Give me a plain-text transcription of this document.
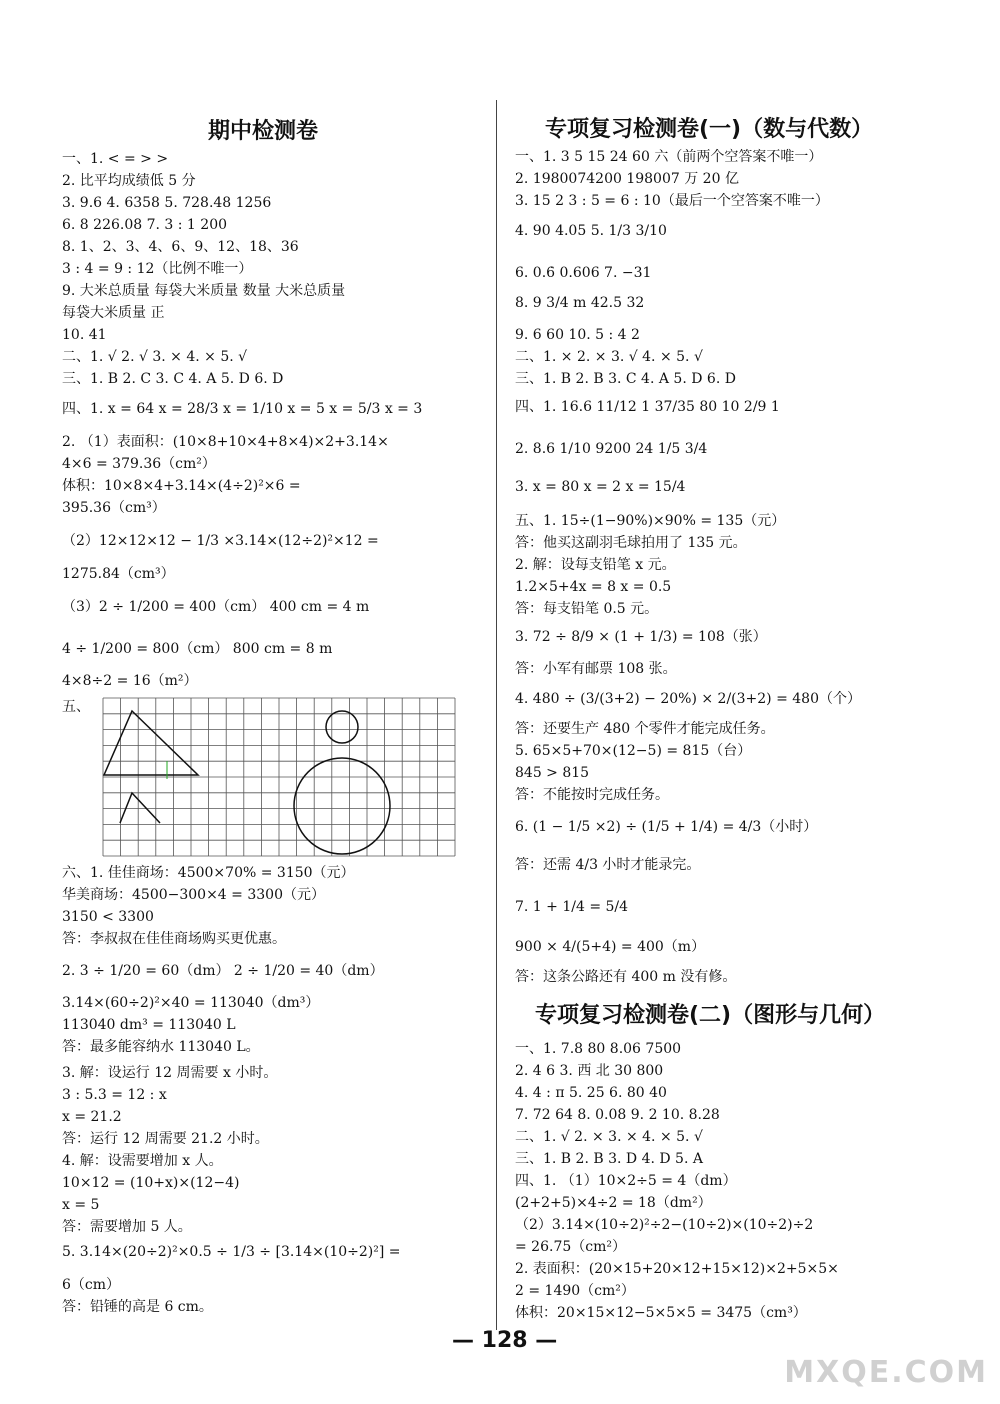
期中检测卷
一、1. < = > >
2. 比平均成绩低 5 分
3. 9.6 4. 6358 5. 728.48 1256
6. 8 226.08 7. 3 : 1 200
8. 1、2、3、4、6、9、12、18、36
3 : 4 = 9 : 12（比例不唯一）
9. 大米总质量 每袋大米质量 数量 大米总质量
每袋大米质量 正
10. 41
二、1. √ 2. √ 3. × 4. × 5. √
三、1. B 2. C 3. C 4. A 5. D 6. D
四、1. x = 64 x = 28/3 x = 1/10 x = 5 x = 5/3 x = 3
2. （1）表面积：(10×8+10×4+8×4)×2+3.14×
4×6 = 379.36（cm²）
体积：10×8×4+3.14×(4÷2)²×6 =
395.36（cm³）
（2）12×12×12 − 1/3 ×3.14×(12÷2)²×12 =
1275.84（cm³）
（3）2 ÷ 1/200 = 400（cm） 400 cm = 4 m
4 ÷ 1/200 = 800（cm） 800 cm = 8 m
4×8÷2 = 16（m²）
五、
六、1. 佳佳商场：4500×70% = 3150（元）
华美商场：4500−300×4 = 3300（元）
3150 < 3300
答：李叔叔在佳佳商场购买更优惠。
2. 3 ÷ 1/20 = 60（dm） 2 ÷ 1/20 = 40（dm）
3.14×(60÷2)²×40 = 113040（dm³）
113040 dm³ = 113040 L
答：最多能容纳水 113040 L。
3. 解：设运行 12 周需要 x 小时。
3 : 5.3 = 12 : x
x = 21.2
答：运行 12 周需要 21.2 小时。
4. 解：设需要增加 x 人。
10×12 = (10+x)×(12−4)
x = 5
答：需要增加 5 人。
5. 3.14×(20÷2)²×0.5 ÷ 1/3 ÷ [3.14×(10÷2)²] =
6（cm）
答：铅锤的高是 6 cm。
专项复习检测卷(一)（数与代数）
一、1. 3 5 15 24 60 六（前两个空答案不唯一）
2. 1980074200 198007 万 20 亿
3. 15 2 3 : 5 = 6 : 10（最后一个空答案不唯一）
4. 90 4.05 5. 1/3 3/10
6. 0.6̇ 0.606 7. −31
8. 9 3/4 m 42.5 32
9. 6 60 10. 5 : 4 2
二、1. × 2. × 3. √ 4. × 5. √
三、1. B 2. B 3. C 4. A 5. D 6. D
四、1. 16.6 11/12 1 37/35 80 10 2/9 1
2. 8.6 1/10 9200 24 1/5 3/4
3. x = 80 x = 2 x = 15/4
五、1. 15÷(1−90%)×90% = 135（元）
答：他买这副羽毛球拍用了 135 元。
2. 解：设每支铅笔 x 元。
1.2×5+4x = 8 x = 0.5
答：每支铅笔 0.5 元。
3. 72 ÷ 8/9 × (1 + 1/3) = 108（张）
答：小军有邮票 108 张。
4. 480 ÷ (3/(3+2) − 20%) × 2/(3+2) = 480（个）
答：还要生产 480 个零件才能完成任务。
5. 65×5+70×(12−5) = 815（台）
845 > 815
答：不能按时完成任务。
6. (1 − 1/5 ×2) ÷ (1/5 + 1/4) = 4/3（小时）
答：还需 4/3 小时才能录完。
7. 1 + 1/4 = 5/4
900 × 4/(5+4) = 400（m）
答：这条公路还有 400 m 没有修。
专项复习检测卷(二)（图形与几何）
一、1. 7.8 80 8.06 7500
2. 4 6 3. 西 北 30 800
4. 4 : π 5. 25 6. 80 40
7. 72 64 8. 0.08 9. 2 10. 8.28
二、1. √ 2. × 3. × 4. × 5. √
三、1. B 2. B 3. D 4. D 5. A
四、1. （1）10×2÷5 = 4（dm）
(2+2+5)×4÷2 = 18（dm²）
（2）3.14×(10÷2)²÷2−(10÷2)×(10÷2)÷2
= 26.75（cm²）
2. 表面积：(20×15+20×12+15×12)×2+5×5×
2 = 1490（cm²）
体积：20×15×12−5×5×5 = 3475（cm³）
— 128 —
MXQE.COM
